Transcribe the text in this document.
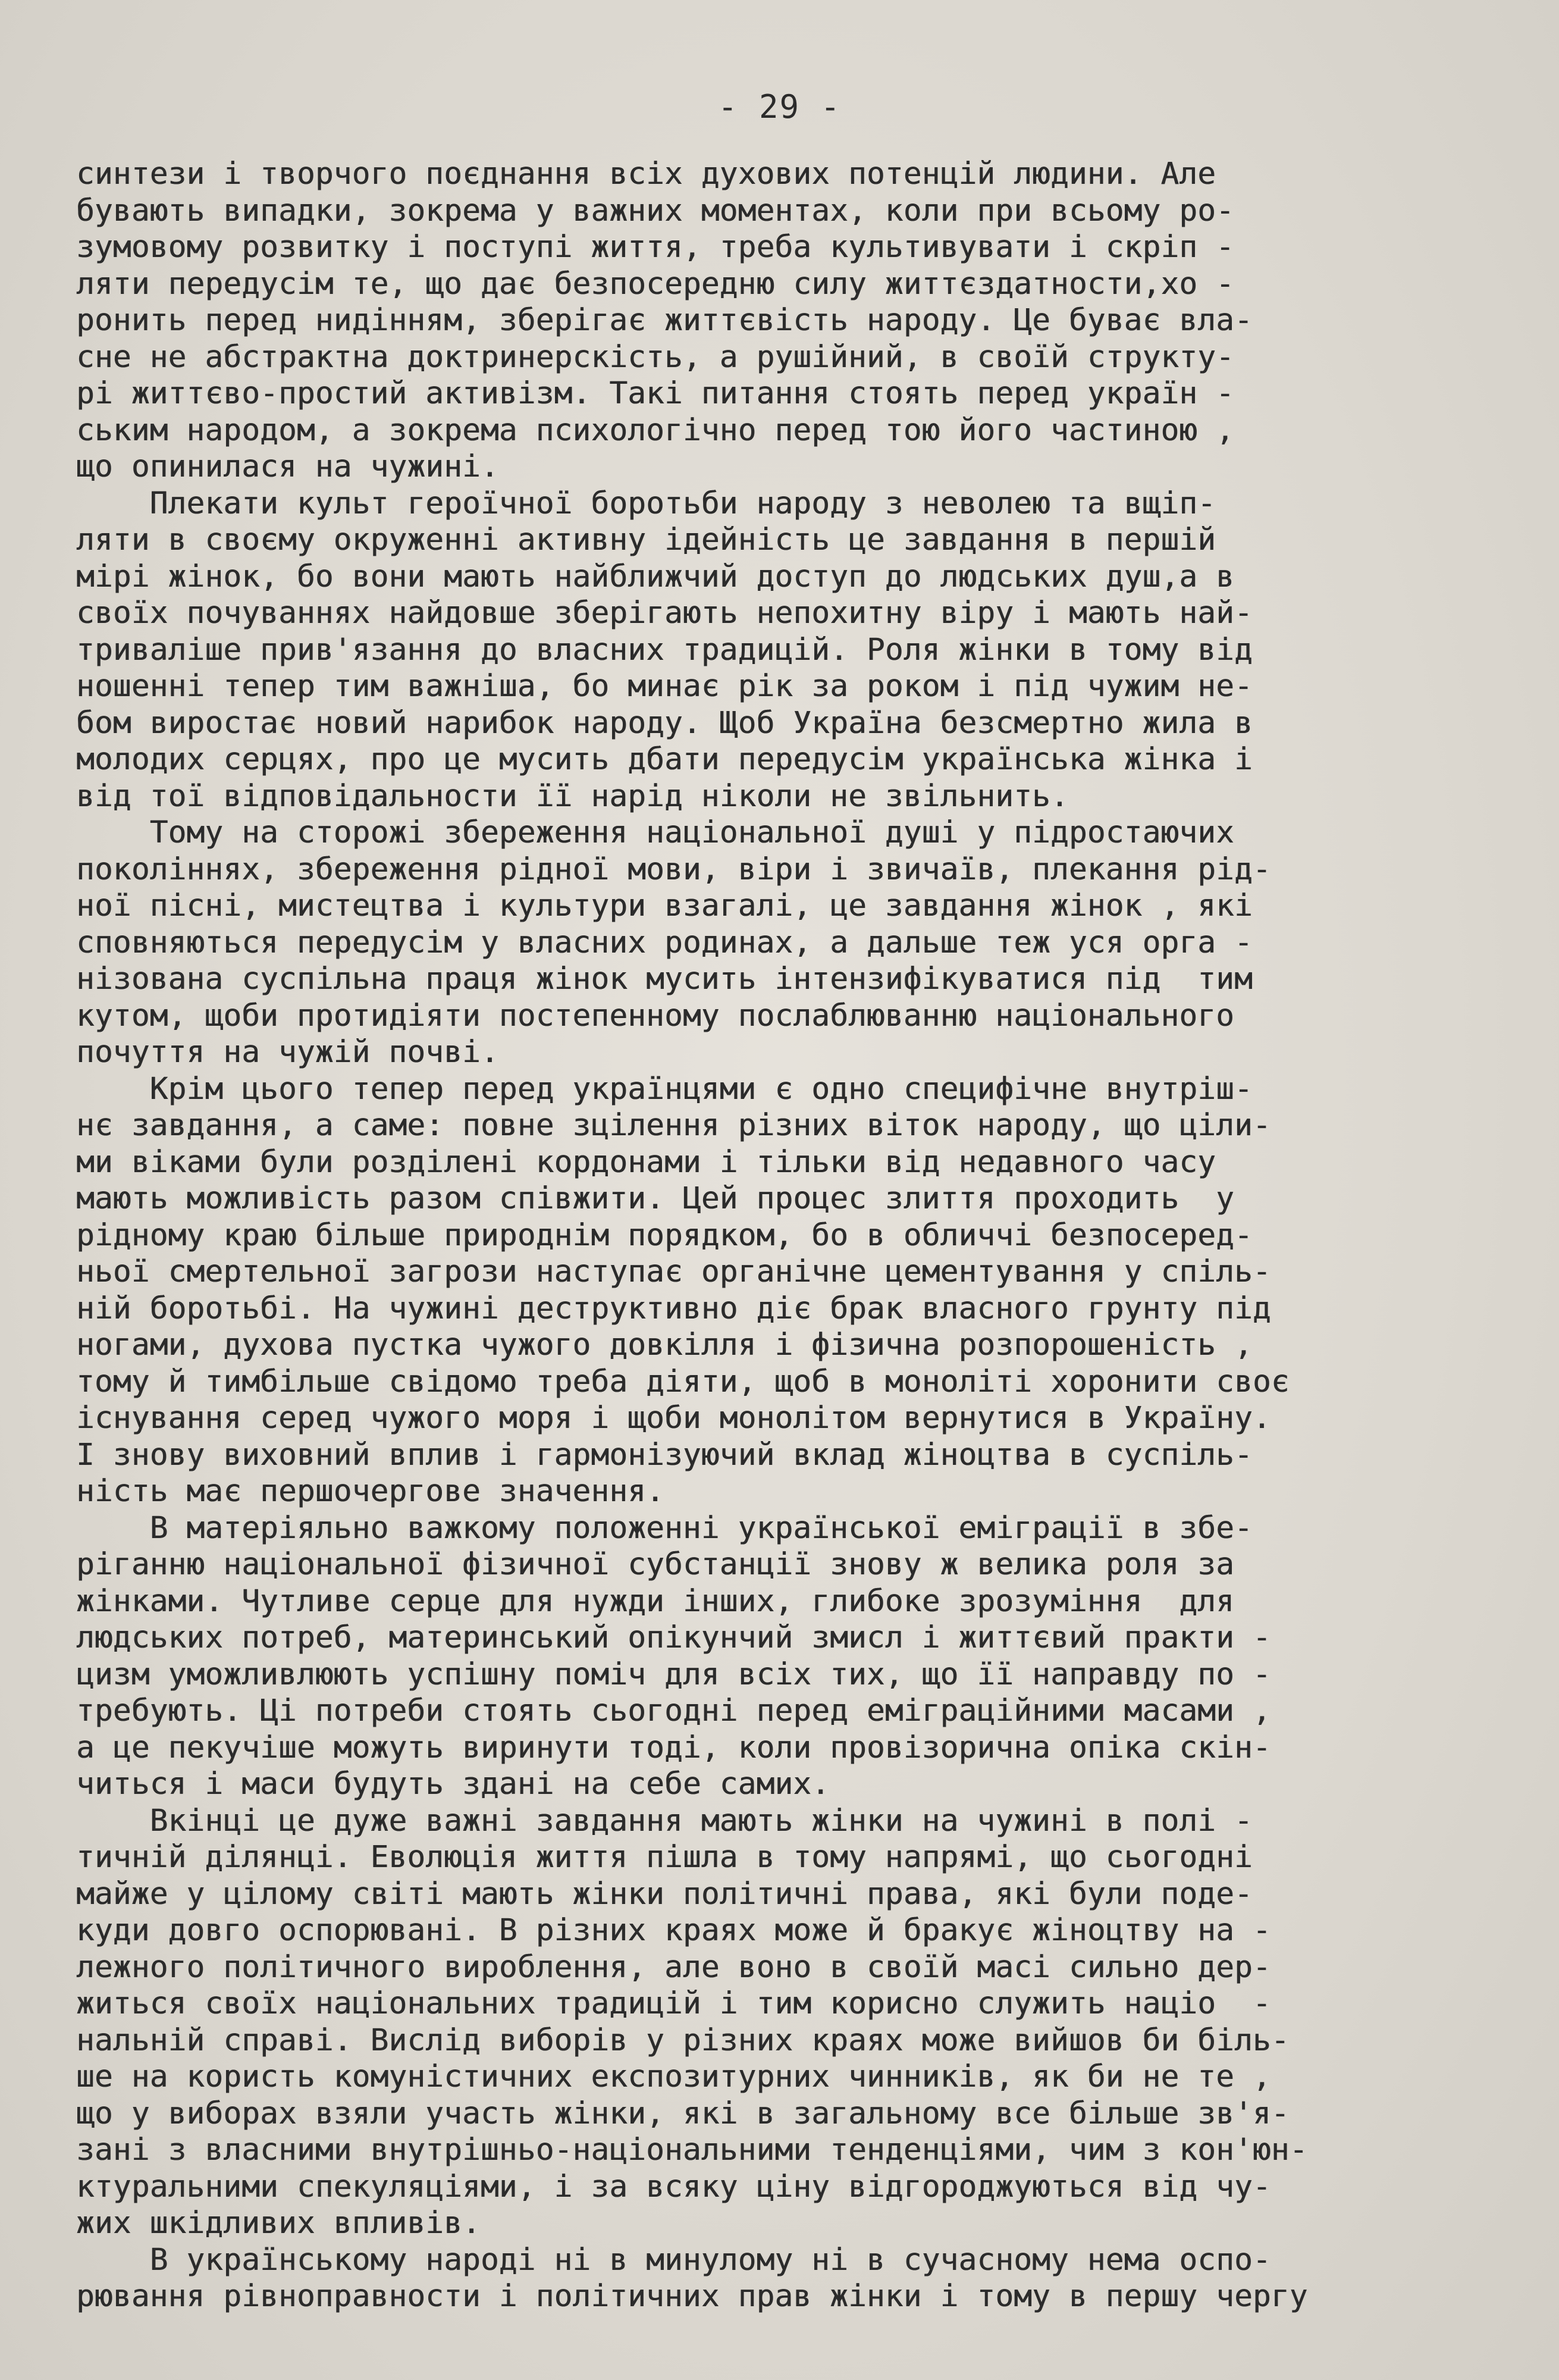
- 29 -
синтези і творчого поєднання всіх духових потенцій людини. Але
бувають випадки, зокрема у важних моментах, коли при всьому ро-
зумовому розвитку і поступі життя, треба культивувати і скріп -
ляти передусім те, що дає безпосередню силу життєздатности,хо -
ронить перед нидінням, зберігає життєвість народу. Це буває вла-
сне не абстрактна доктринерскість, а рушійний, в своїй структу-
рі життєво-простий активізм. Такі питання стоять перед україн -
ським народом, а зокрема психологічно перед тою його частиною ,
що опинилася на чужині.
Плекати культ героїчної боротьби народу з неволею та вщіп-
ляти в своєму окруженні активну ідейність це завдання в першій
мірі жінок, бо вони мають найближчий доступ до людських душ,а в
своїх почуваннях найдовше зберігають непохитну віру і мають най-
триваліше прив'язання до власних традицій. Роля жінки в тому від
ношенні тепер тим важніша, бо минає рік за роком і під чужим не-
бом виростає новий нарибок народу. Щоб Україна безсмертно жила в
молодих серцях, про це мусить дбати передусім українська жінка і
від тої відповідальности її нарід ніколи не звільнить.
Тому на сторожі збереження національної душі у підростаючих
поколіннях, збереження рідної мови, віри і звичаїв, плекання рід-
ної пісні, мистецтва і культури взагалі, це завдання жінок , які
сповняються передусім у власних родинах, а дальше теж уся орга -
нізована суспільна праця жінок мусить інтензифікуватися під  тим
кутом, щоби протидіяти постепенному послаблюванню національного
почуття на чужій почві.
Крім цього тепер перед українцями є одно специфічне внутріш-
нє завдання, а саме: повне зцілення різних віток народу, що ціли-
ми віками були розділені кордонами і тільки від недавного часу
мають можливість разом співжити. Цей процес злиття проходить  у
рідному краю більше природнім порядком, бо в обличчі безпосеред-
ньої смертельної загрози наступає органічне цементування у спіль-
ній боротьбі. На чужині деструктивно діє брак власного грунту під
ногами, духова пустка чужого довкілля і фізична розпорошеність ,
тому й тимбільше свідомо треба діяти, щоб в моноліті хоронити своє
існування серед чужого моря і щоби монолітом вернутися в Україну.
І знову виховний вплив і гармонізуючий вклад жіноцтва в суспіль-
ність має першочергове значення.
В матеріяльно важкому положенні української еміграції в збе-
ріганню національної фізичної субстанції знову ж велика роля за
жінками. Чутливе серце для нужди інших, глибоке зрозуміння  для
людських потреб, материнський опікунчий змисл і життєвий практи -
цизм уможливлюють успішну поміч для всіх тих, що її направду по -
требують. Ці потреби стоять сьогодні перед еміграційними масами ,
а це пекучіше можуть виринути тоді, коли провізорична опіка скін-
читься і маси будуть здані на себе самих.
Вкінці це дуже важні завдання мають жінки на чужині в полі -
тичній ділянці. Еволюція життя пішла в тому напрямі, що сьогодні
майже у цілому світі мають жінки політичні права, які були поде-
куди довго оспорювані. В різних краях може й бракує жіноцтву на -
лежного політичного вироблення, але воно в своїй масі сильно дер-
житься своїх національних традицій і тим корисно служить націо  -
нальній справі. Вислід виборів у різних краях може вийшов би біль-
ше на користь комуністичних експозитурних чинників, як би не те ,
що у виборах взяли участь жінки, які в загальному все більше зв'я-
зані з власними внутрішньо-національними тенденціями, чим з кон'юн-
ктуральними спекуляціями, і за всяку ціну відгороджуються від чу-
жих шкідливих впливів.
В українському народі ні в минулому ні в сучасному нема оспо-
рювання рівноправности і політичних прав жінки і тому в першу чергу
